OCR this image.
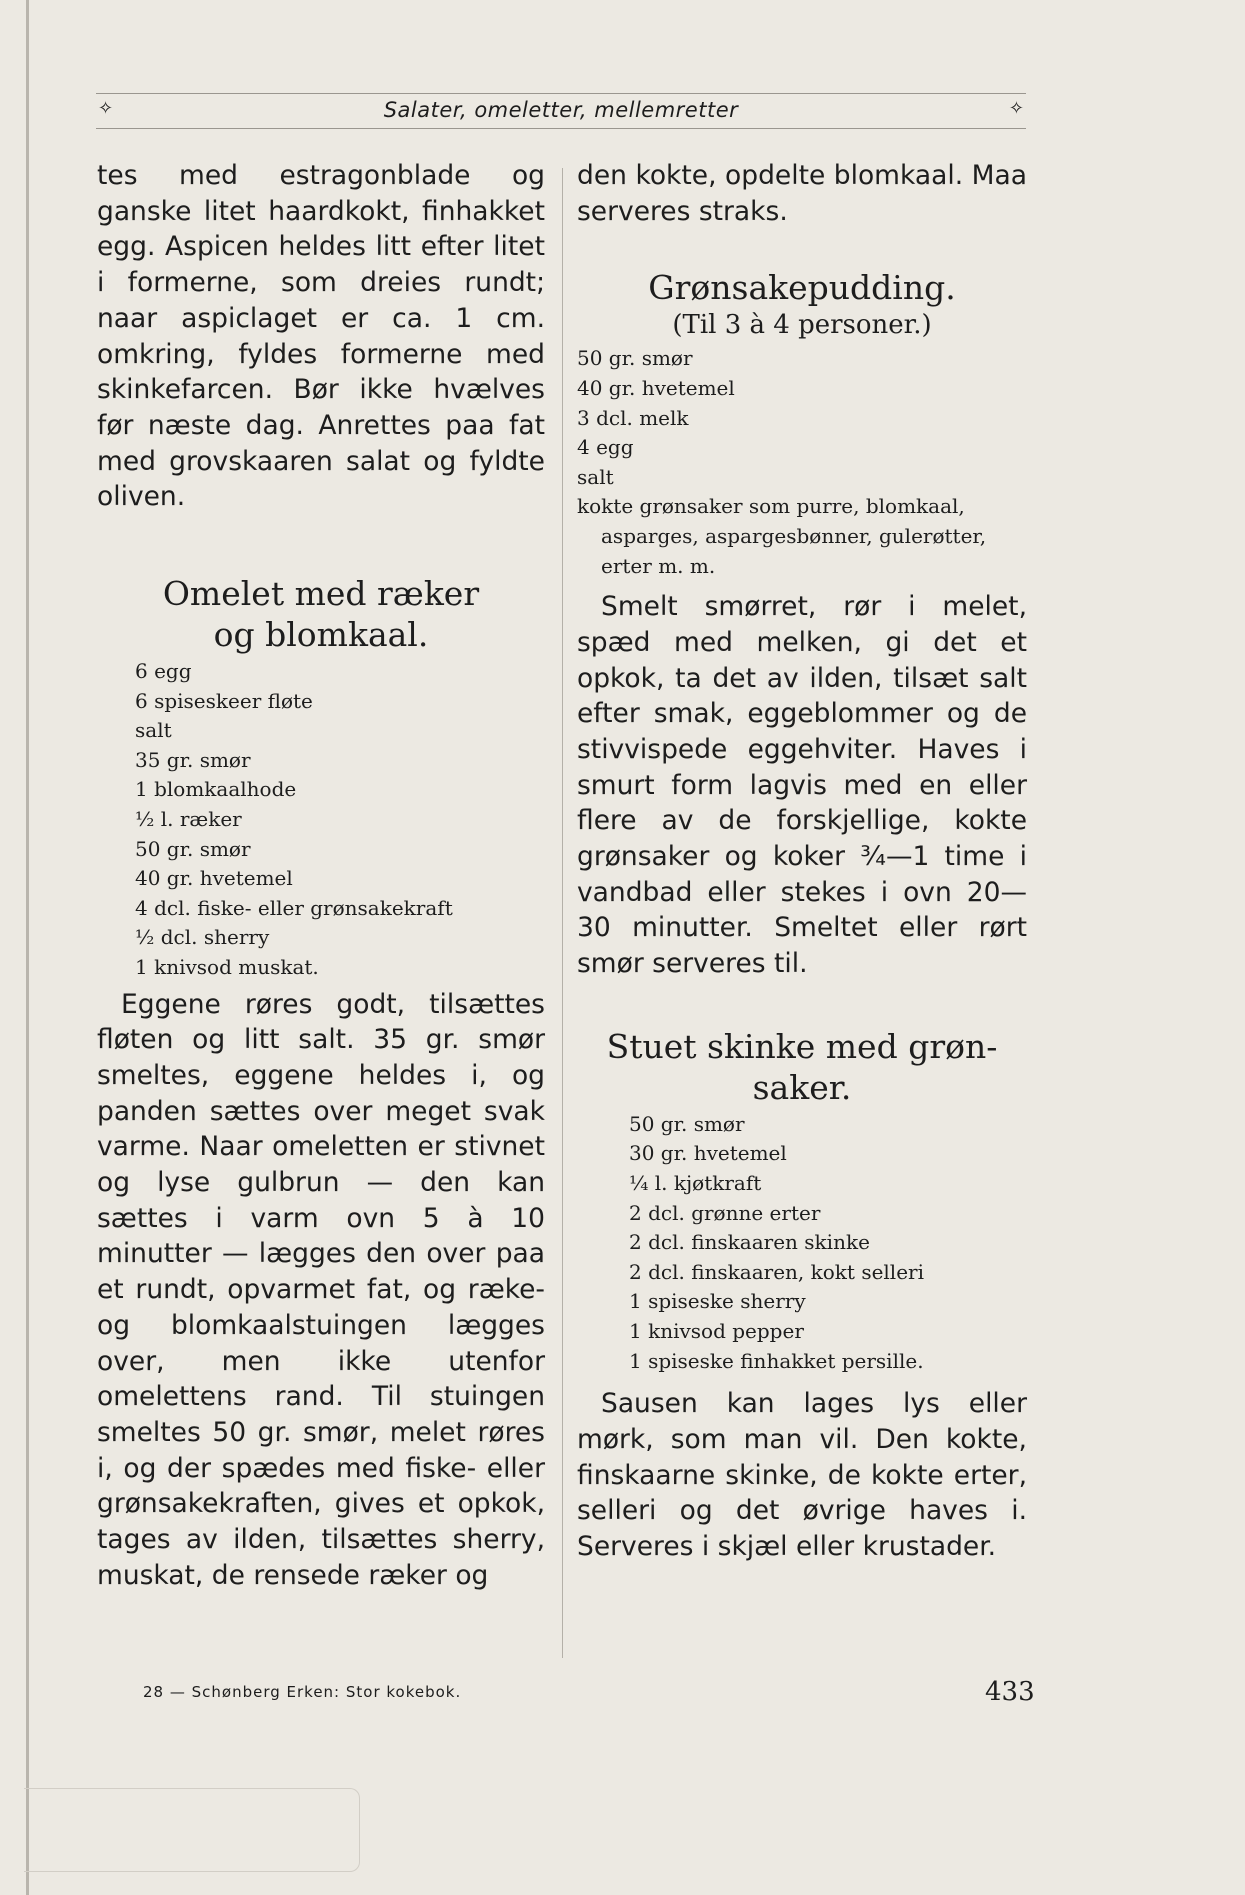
✧	Salater, omeletter, mellemretter	✧

tes med estragonblade og ganske litet haardkokt, finhakket egg. Aspicen heldes litt efter litet i formerne, som dreies rundt; naar aspiclaget er ca. 1 cm. omkring, fyldes formerne med skinkefarcen. Bør ikke hvælves før næste dag. Anrettes paa fat med grovskaaren salat og fyldte oliven.

Omelet med ræker

og blomkaal.

6 egg
6 spiseskeer fløte
salt
35 gr. smør
1 blomkaalhode
½ l. ræker
50 gr. smør
40 gr. hvetemel
4 dcl. fiske- eller grønsakekraft
½ dcl. sherry
1 knivsod muskat.

Eggene røres godt, tilsættes fløten og litt salt. 35 gr. smør smeltes, eggene heldes i, og panden sættes over meget svak varme. Naar omeletten er stivnet og lyse gulbrun — den kan sættes i varm ovn 5 à 10 minutter — lægges den over paa et rundt, opvarmet fat, og ræke- og blomkaalstuingen lægges over, men ikke utenfor omelettens rand. Til stuingen smeltes 50 gr. smør, melet røres i, og der spædes med fiske- eller grønsakekraften, gives et opkok, tages av ilden, tilsættes sherry, muskat, de rensede ræker og

den kokte, opdelte blomkaal. Maa serveres straks.

Grønsakepudding.

(Til 3 à 4 personer.)

50 gr. smør
40 gr. hvetemel
3 dcl. melk
4 egg
salt
kokte grønsaker som purre, blomkaal, asparges, aspargesbønner, gulerøtter, erter m. m.

Smelt smørret, rør i melet, spæd med melken, gi det et opkok, ta det av ilden, tilsæt salt efter smak, eggeblommer og de stivvispede eggehviter. Haves i smurt form lagvis med en eller flere av de forskjellige, kokte grønsaker og koker ¾—1 time i vandbad eller stekes i ovn 20—30 minutter. Smeltet eller rørt smør serveres til.

Stuet skinke med grøn-

saker.

50 gr. smør
30 gr. hvetemel
¼ l. kjøtkraft
2 dcl. grønne erter
2 dcl. finskaaren skinke
2 dcl. finskaaren, kokt selleri
1 spiseske sherry
1 knivsod pepper
1 spiseske finhakket persille.

Sausen kan lages lys eller mørk, som man vil. Den kokte, finskaarne skinke, de kokte erter, selleri og det øvrige haves i. Serveres i skjæl eller krustader.

28 — Schønberg Erken: Stor kokebok.	433
